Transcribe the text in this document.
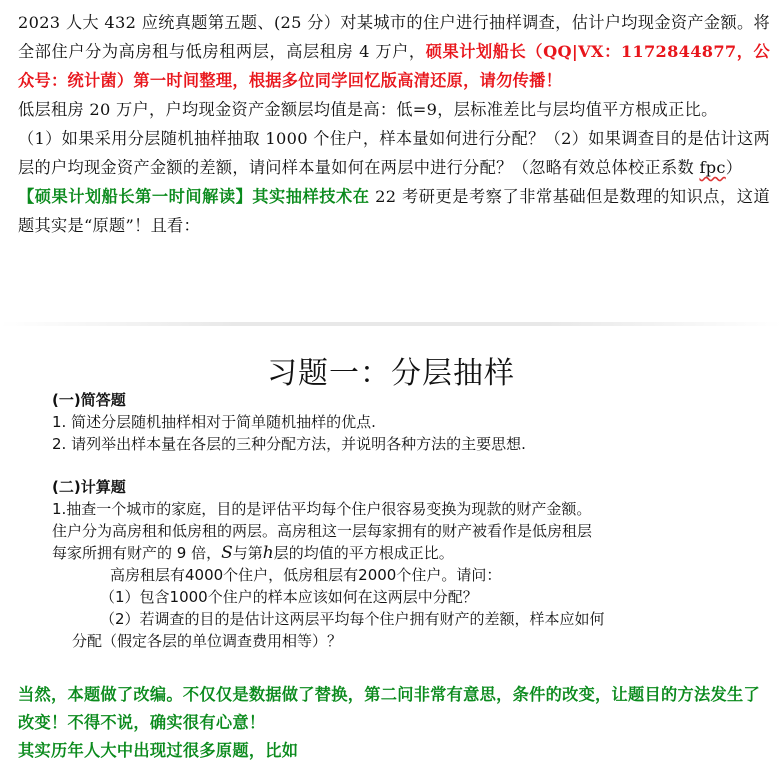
2023 人大 432 应统真题第五题、(25 分）对某城市的住户进行抽样调查，估计户均现金资产金额。将全部住户分为高房租与低房租两层，高层租房 4 万户，硕果计划船长（QQ|VX：1172844877，公众号：统计菌）第一时间整理，根据多位同学回忆版高清还原，请勿传播！
低层租房 20 万户，户均现金资产金额层均值是高：低=9，层标准差比与层均值平方根成正比。
（1）如果采用分层随机抽样抽取 1000 个住户，样本量如何进行分配？（2）如果调查目的是估计这两层的户均现金资产金额的差额，请问样本量如何在两层中进行分配？（忽略有效总体校正系数 fpc）
【硕果计划船长第一时间解读】其实抽样技术在 22 考研更是考察了非常基础但是数理的知识点，这道题其实是“原题”！且看：
习题一：分层抽样
(一)简答题
1. 简述分层随机抽样相对于简单随机抽样的优点.
2. 请列举出样本量在各层的三种分配方法，并说明各种方法的主要思想.
(二)计算题
1.抽查一个城市的家庭，目的是评估平均每个住户很容易变换为现款的财产金额。
住户分为高房租和低房租的两层。高房租这一层每家拥有的财产被看作是低房租层
每家所拥有财产的 9 倍，S与第h层的均值的平方根成正比。
高房租层有4000个住户，低房租层有2000个住户。请问：
（1）包含1000个住户的样本应该如何在这两层中分配？
（2）若调查的目的是估计这两层平均每个住户拥有财产的差额，样本应如何
分配（假定各层的单位调查费用相等）？

当然，本题做了改编。不仅仅是数据做了替换，第二问非常有意思，条件的改变，让题目的方法发生了改变！不得不说，确实很有心意！
其实历年人大中出现过很多原题，比如
